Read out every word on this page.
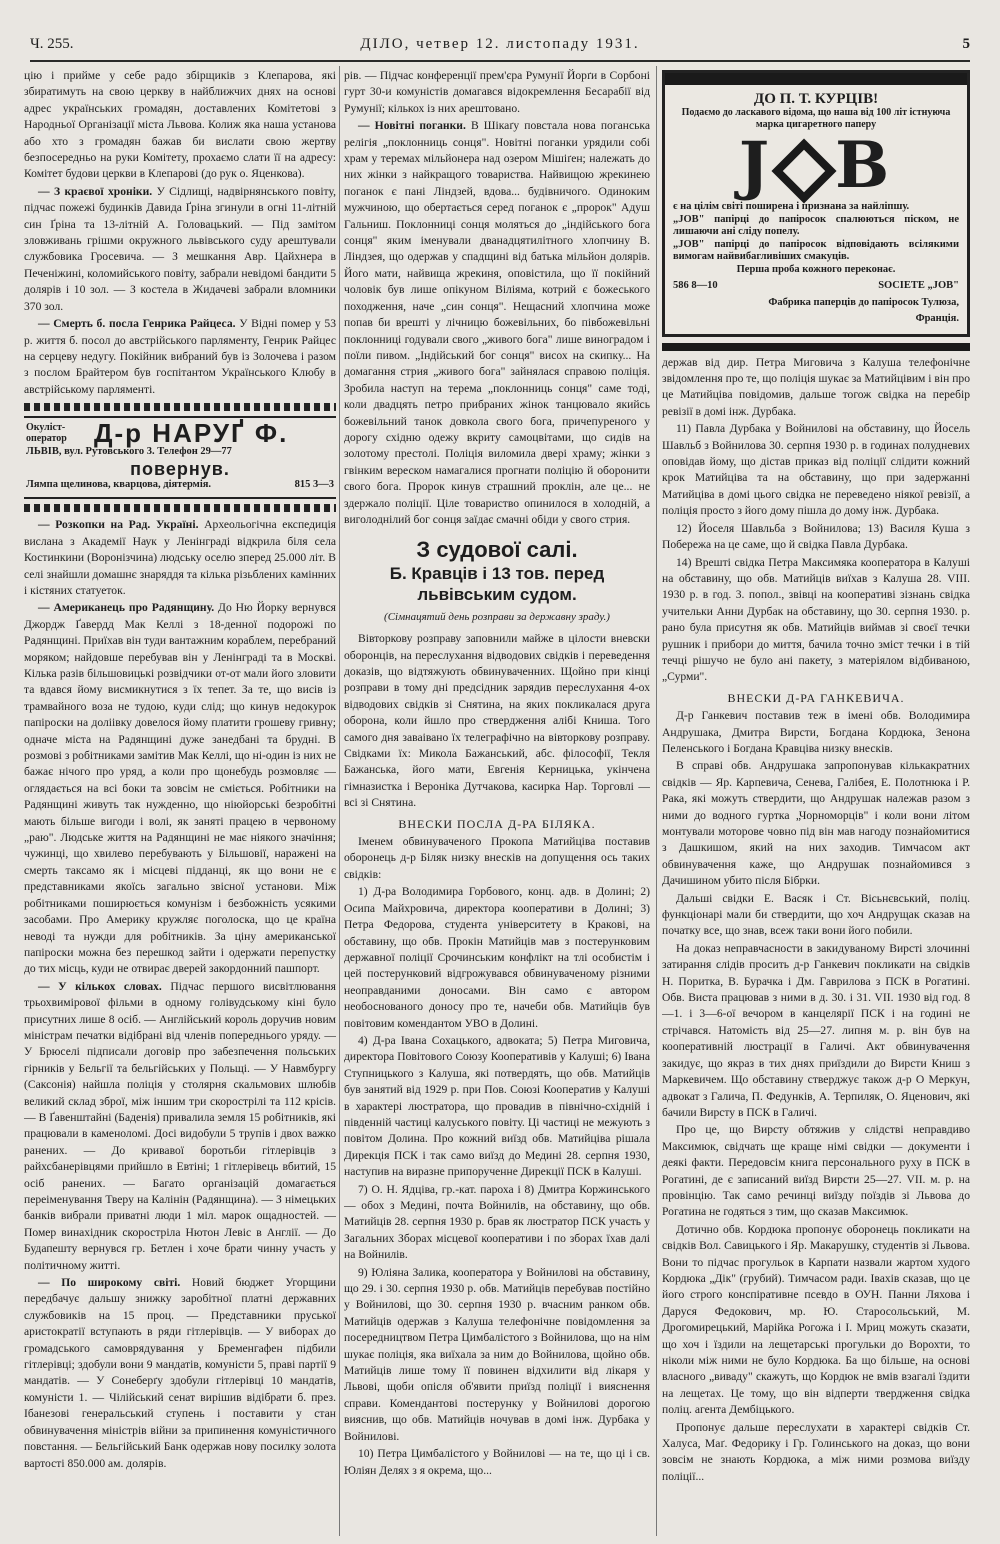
Ч. 255.	ДІЛО, четвер 12. листопаду 1931.	5

цію і прийме у себе радо збірщиків з Клепарова, які збиратимуть на свою церкву в найближчих днях на основі адрес українських громадян, доставлених Комітетові з Народньої Організації міста Львова. Колиж яка наша установа або хто з громадян бажав би вислати свою жертву безпосередньо на руки Комітету, прохаємо слати її на адресу: Комітет будови церкви в Клепарові (до рук о. Яценкова).

— З краєвої хроніки. У Сідлищі, надвірнянського повіту, підчас пожежі будинків Давида Ґріна згинули в огні 11-літній син Ґріна та 13-літній А. Головацький. — Під замітом зловживань грішми окружного львівського суду арештували службовика Гросевича. — З мешкання Авр. Цайхнера в Печеніжині, коломийського повіту, забрали невідомі бандити 5 долярів і 10 зол. — З костела в Жидачеві забрали вломники 370 зол.

— Смерть б. посла Генрика Райцеса. У Відні помер у 53 р. життя б. посол до австрійського парляменту, Генрик Райцес на серцеву недугу. Покійник вибраний був із Золочева і разом з послом Брайтером був госпітантом Українського Клюбу в австрійському парляменті.

Окуліст-оператор	Д-р НАРУҐ Ф.
ЛЬВІВ, вул. Рутовського 3. Телефон 29—77
повернув.
Лямпа щелинова, кварцова, діятермія.	815 3—3

— Розкопки на Рад. Україні. Археольогічна експедиція вислана з Академії Наук у Ленінграді відкрила біля села Костинкини (Воронізчина) людську оселю зперед 25.000 літ. В селі знайшли домашнє знаряддя та кілька різьблених камінних і кістяних статуеток.

— Американець про Радянщину. До Ню Йорку вернувся Джордж Ґавердд Мак Келлі з 18-денної подорожі по Радянщині. Приїхав він туди вантажним кораблем, перебраний моряком; найдовше перебував він у Ленінграді та в Москві. Кілька разів більшовицькі розвідчики от-от мали його зловити та вдався йому висмикнутися з їх тепет. За те, що висів із трамвайного воза не тудою, куди слід; що кинув недокурок папіроски на доліівку довелося йому платити грошеву гривну; одначе міста на Радянщині дуже занедбані та брудні. В розмові з робітниками замітив Мак Келлі, що ні-один із них не бажає нічого про уряд, а коли про щонебудь розмовляє — оглядається на всі боки та зовсім не сміється. Робітники на Радянщині живуть так нужденно, що ніюйорські безробітні мають більше вигоди і волі, як заняті працею в червоному „раю". Людське життя на Радянщині не має ніякого значіння; чужинці, що хвилево перебувають у Більшовії, наражені на смерть таксамо як і місцеві підданці, як що вони не є представниками якоїсь загально звісної установи. Між робітниками поширюється комунізм і безбожність усякими засобами. Про Америку кружляє поголоска, що це країна неводі та нужди для робітників. За ціну американської папіроски можна без перешкод зайти і одержати перепустку до тих місць, куди не отвирає дверей закордонний пашпорт.

— У кількох словах. Підчас першого висвітлювання трьохвимірової фільми в одному голівудському кіні було присутних лише 8 осіб. — Англійський король доручив новим міністрам печатки відібрані від членів попереднього уряду. — У Брюселі підписали договір про забезпечення польських гірників у Бельгії та бельгійських у Польщі. — У Навмбургу (Саксонія) найшла поліція у столярня скальмових шлюбів великий склад зброї, між іншим три скорострілі та 112 крісів. — В Ґавенштайні (Баденія) привалила земля 15 робітників, які працювали в каменоломі. Досі видобули 5 трупів і двох важко ранених. — До кривавої боротьби гітлерівців з райхсбанерівцями прийшло в Евтіні; 1 гітлерівець вбитий, 15 осіб ранених. — Багато організацій домагається переіменування Твеpу на Калінін (Радянщина). — З німецьких банків вибрали приватні люди 1 міл. марок ощадностей. — Помер винахідник скоростріла Нютон Левіс в Англії. — До Будапешту вернувся гр. Бетлен і хоче брати чинну участь у політичному житті.

— По широкому світі. Новий бюджет Угорщини передбачує дальшу знижку заробітної платні державних службовиків на 15 проц. — Представники пруської аристократії вступають в ряди гітлерівців. — У виборах до громадського самоврядування у Бременгафен підбили гітлерівці; здобули вони 9 мандатів, комуністи 5, праві партії 9 мандатів. — У Сонеберґу здобули гітлерівці 10 мандатів, комуністи 1. — Чілійський сенат вирішив відібрати б. през. Ібанезові генеральський ступень і поставити у стан обвинувачення міністрів війни за припинення комуністичного повстання. — Бельгійський Банк одержав нову посилку золота вартості 850.000 ам. долярів.

рів. — Підчас конференції прем'єра Румунії Йорґи в Сорбоні гурт 30-и комуністів домагався відокремлення Бесарабії від Румунії; кількох із них арештовано.

— Новітні поганки. В Шікаґу повстала нова поганська релігія „поклонниць сонця". Новітні поганки урядили собі храм у теремах мільйонера над озером Мішіґен; належать до них жінки з найкращого товариства. Найвищою жрекинею поганок є пані Ліндзей, вдова... будівничого. Одиноким мужчиною, що обертається серед поганок є „пророк" Адуш Гальниш. Поклонниці сонця моляться до „індійського бога сонця" яким іменували дванадцятилітного хлопчину В. Ліндзея, що одержав у спадщині від батька мільйон долярів. Його мати, найвища жрекиня, оповістила, що її покійний чоловік був лише опікуном Віліяма, котрий є божеського походження, наче „син сонця". Нещасний хлопчина може попав би врешті у лічницю божевільних, бо півбожевільні поклонниці годували свого „живого бога" лише виноградом і поїли пивом. „Індійський бог сонця" висох на скипку... На домагання стрия „живого бога" зайнялася справою поліція. Зробила наступ на терема „поклонниць сонця" саме тоді, коли двадцять петро прибраних жінок танцювало якийсь божевільний танок довкола свого бога, причепуреного у дорогу східню одежу вкриту самоцвітами, що сидів на золотому престолі. Поліція виломила двері храму; жінки з гвінким вереском намагалися прогнати поліцію й оборонити свого бога. Пророк кинув страшний проклін, але це... не здержало поліції. Ціле товариство опинилося в холодній, а виголоднілий бог сонця заїдає смачні обіди у свого стрия.

З судової салі.
Б. Кравців і 13 тов. перед львівським судом.
(Сімнацятий день розправи за державну зраду.)

Вівторкову розправу заповнили майже в цілости вневски оборонців, на переслухання відводових свідків і переведення доказів, що відтяжують обвинуваченних. Щойно при кінці розправи в тому дні предсідник зарядив переслухання 4-ох відводових свідків зі Снятина, на яких покликалася друга оборона, коли йшло про ствердження алібі Книша. Того самого дня заваівано їх телеграфічно на вівторкову розправу. Свідками їх: Микола Бажанський, абс. філософії, Текля Бажанська, його мати, Евгенія Керницька, укінчена гімназистка і Вероніка Дутчакова, касирка Нар. Торговлі — всі зі Снятина.

ВНЕСКИ ПОСЛА Д-РА БІЛЯКА.

Іменем обвинуваченого Прокопа Матийціва поставив оборонець д-р Біляк низку внесків на допущення ось таких свідків:

1) Д-ра Володимира Горбового, конц. адв. в Долині; 2) Осипа Майхровича, директора кооперативи в Долині; 3) Петра Федорова, студента університету в Кракові, на обставину, що обв. Прокін Матийців мав з постерунковим державної поліції Срочинським конфлікт на тлі особистім і цей постерунковий відгрожувався обвинуваченому різними неоправданими доносами. Він само є автором необоснованого доносу про те, начеби обв. Матийців був повітовим комендантом УВО в Долині.

4) Д-ра Івана Сохацького, адвоката; 5) Петра Миговича, директора Повітового Союзу Кооперативів у Калуші; 6) Івана Ступницького з Калуша, які потвердять, що обв. Матийців був занятий від 1929 р. при Пов. Союзі Кооператив у Калуші в характері люстратора, що провадив в північно-східній і південній частиці калуського повіту. Ці частиці не межують з повітом Долина. Про кожний виїзд обв. Матийціва рішала Дирекція ПСК і так само виїзд до Медині 28. серпня 1930, наступив на виразне припорученне Дирекції ПСК в Калуші.

7) О. Н. Ядціва, гр.-кат. пароха і 8) Дмитра Коржинського — обох з Медині, почта Войнилів, на обставину, що обв. Матийців 28. серпня 1930 р. брав як люстратор ПСК участь у Загальних Зборах місцевої кооперативи і по зборах їхав далі на Войнилів.

9) Юліяна Залика, кооператора у Войнилові на обставину, що 29. і 30. серпня 1930 р. обв. Матийців перебував постійно у Войнилові, що 30. серпня 1930 р. вчасним ранком обв. Матийців одержав з Калуша телефонічне повідомлення за посередництвом Петра Цимбалістого з Войнилова, що на нім шукає поліція, яка виїхала за ним до Войнилова, щойно обв. Матийців лише тому її повинен відхилити від лікаря у Львові, щоби опісля об'явити приїзд поліції і вияснення справи. Комендантові постерунку у Войнилові дорогою вияснив, що обв. Матийців ночував в домі інж. Дурбака у Войнилові.

10) Петра Цимбалістого у Войнилові — на те, що ці і св. Юліян Делях з я окрема, що...

ДО П. Т. КУРЦІВ!
Подаємо до ласкавого відома, що наша від 100 літ істнуюча марка цигаретного паперу
J B

є на цілім світі поширена і признана за найліпшу.

„JOB" папірці до папіросок спалюються піском, не лишаючи ані сліду попелу.

„JOB" папірці до папіросок відповідають всілякими вимогам найвибагливіших смакуців.

Перша проба кожного переконає.

586 8—10	SOCIETE „JOB"
Фабрика паперців до папіросок Тулюза, Франція.

держав від дир. Петра Миговича з Калуша телефонічне звідомлення про те, що поліція шукає за Матийцівим і він про це Матийціва повідомив, дальше тогож свідка на перебір ревізії в домі інж. Дурбака.

11) Павла Дурбака у Войнилові на обставину, що Йосель Шавльб з Войнилова 30. серпня 1930 р. в годинах полудневих оповідав йому, що дістав приказ від поліції слідити кожний крок Матийціва та на обставину, що при задержанні Матийціва в домі цього свідка не переведено ніякої ревізії, а поліція просто з його дому пішла до дому інж. Дурбака.

12) Йоселя Шавльба з Войнилова; 13) Василя Куша з Побережа на це саме, що й свідка Павла Дурбака.

14) Врешті свідка Петра Максимяка кооператора в Калуші на обставину, що обв. Матийців виїхав з Калуша 28. VIII. 1930 р. в год. 3. попол., звівці на кооперативі зізнань свідка учительки Анни Дурбак на обставину, що 30. серпня 1930. р. рано була присутня як обв. Матийців виймав зі своєї течки рушник і прибори до миття, бачила точно зміст течки і в тій течці рішучо не було ані пакету, з матеріялом відбиваною, „Сурми".

ВНЕСКИ Д-РА ГАНКЕВИЧА.

Д-р Ганкевич поставив теж в імені обв. Володимира Андрушака, Дмитра Вирсти, Богдана Кордюка, Зенона Пеленського і Богдана Кравціва низку внесків.

В справі обв. Андрушака запропонував кількакратних свідків — Яр. Карпевича, Сенева, Галібея, Е. Полотнюка і Р. Рака, які можуть ствердити, що Андрушак належав разом з ними до водного гуртка „Чорноморців" і коли вони літом монтували моторове човно під він мав нагоду познайомитися з Дашкишом, який на них заходив. Тимчасом акт обвинувачення каже, що Андрушак познайомився з Дачишином убито після Бібрки.

Дальші свідки Е. Васяк і Ст. Вісьнєвський, поліц. функціонарі мали би ствердити, що хоч Андрущак сказав на початку все, що знав, всеж таки вони його побили.

На доказ неправчасности в закидуваному Вирсті злочинні затирання слідів просить д-р Ганкевич покликати на свідків Н. Поритка, В. Бурачка і Дм. Гаврилова з ПСК в Рогатині. Обв. Виста працював з ними в д. 30. і 31. VII. 1930 від год. 8—1. і 3—6-ої вечором в канцелярії ПСК і на годині не стрічався. Натомість від 25—27. липня м. р. він був на кооперативній люстрації в Галичі. Акт обвинувачення закидує, що якраз в тих днях приїздили до Вирсти Книш з Маркевичем. Що обставину стверджує також д-р О Меркун, адвокат з Галича, П. Федунків, А. Терпиляк, О. Яценович, які бачили Вирсту в ПСК в Галичі.

Про це, що Вирсту обтяжив у слідстві неправдиво Максимюк, свідчать ще краще німі свідки — документи і деякі факти. Передовсім книга персонального руху в ПСК в Рогатині, де є записаний виїзд Вирсти 25—27. VII. м. р. на провінцію. Так само речинці виїзду поїздів зі Львова до Рогатина не годяться з тим, що сказав Максимюк.

Дотично обв. Кордюка пропонує оборонець покликати на свідків Вол. Савицького і Яр. Макарушку, студентів зі Львова. Вони то підчас прогульок в Карпати назвали жартом худого Кордюка „Дік" (грубий). Тимчасом ради. Івахів сказав, що це його строго конспіративне псевдо в ОУН. Панни Ляхова і Даруся Федокович, мр. Ю. Старосольський, М. Дрогомирецький, Марійка Рогожа і І. Мриц можуть сказати, що хоч і їздили на лещетарські прогульки до Ворохти, то ніколи між ними не було Кордюка. Ба що більше, на основі власного „виваду" скажуть, що Кордюк не вмів взагалі їздити на лещетах. Це тому, що він відперти твердження свідка поліц. агента Дембіцького.

Пропонує дальше переслухати в характері свідків Ст. Халуса, Маґ. Федорику і Гр. Голинського на доказ, що вони зовсім не знають Кордюка, а між ними розмова виїзду поліції...
